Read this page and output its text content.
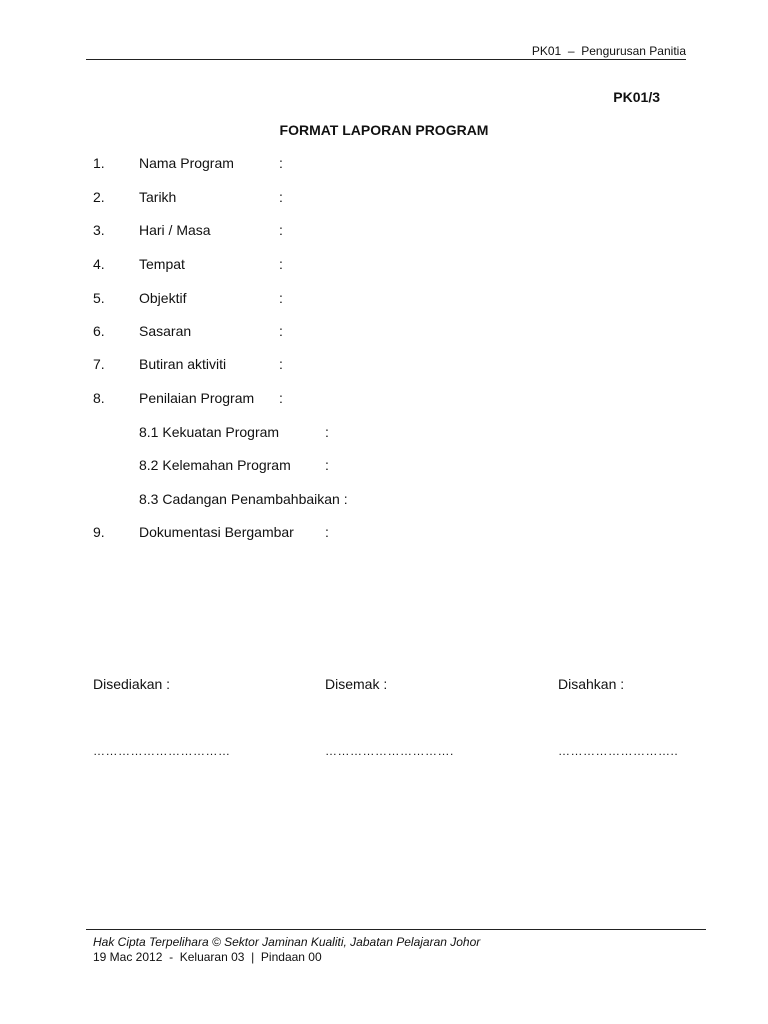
PK01 – Pengurusan Panitia
PK01/3
FORMAT LAPORAN PROGRAM
1. Nama Program	:
2. Tarikh	:
3. Hari / Masa	:
4. Tempat	:
5. Objektif	:
6. Sasaran	:
7. Butiran aktiviti	:
8. Penilaian Program :
8.1 Kekuatan Program	:
8.2 Kelemahan Program :
8.3 Cadangan Penambahbaikan :
9. Dokumentasi Bergambar :
Disediakan :	Disemak :	Disahkan :
……………………………	………………………….	………………………..
Hak Cipta Terpelihara © Sektor Jaminan Kualiti, Jabatan Pelajaran Johor
19 Mac 2012 - Keluaran 03 | Pindaan 00
